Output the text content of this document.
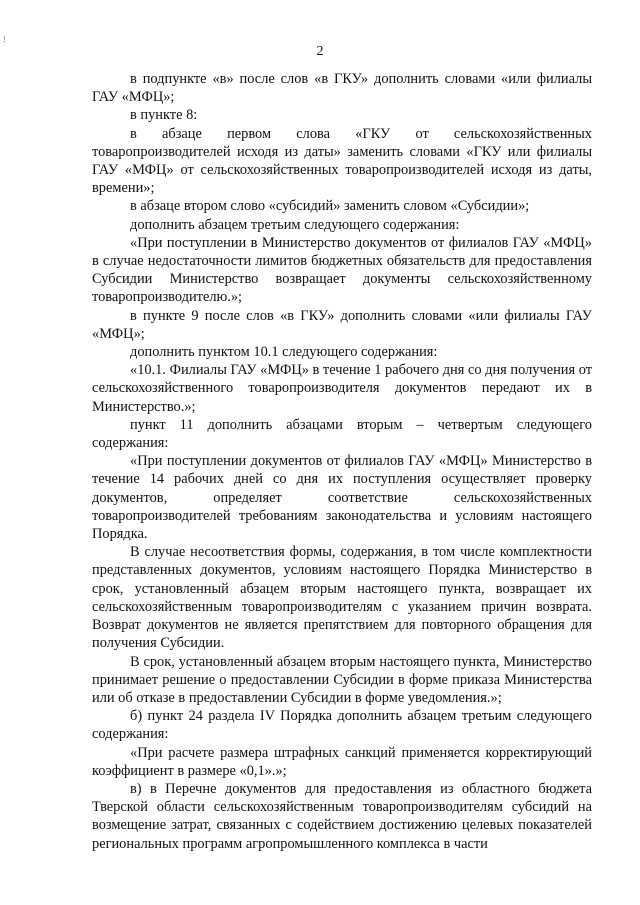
!
2

в подпункте «в» после слов «в ГКУ» дополнить словами «или филиалы ГАУ «МФЦ»;

в пункте 8:

в абзаце первом слова «ГКУ от сельскохозяйственных товаропроизводителей исходя из даты» заменить словами «ГКУ или филиалы ГАУ «МФЦ» от сельскохозяйственных товаропроизводителей исходя из даты, времени»;

в абзаце втором слово «субсидий» заменить словом «Субсидии»;

дополнить абзацем третьим следующего содержания:

«При поступлении в Министерство документов от филиалов ГАУ «МФЦ» в случае недостаточности лимитов бюджетных обязательств для предоставления Субсидии Министерство возвращает документы сельскохозяйственному товаропроизводителю.»;

в пункте 9 после слов «в ГКУ» дополнить словами «или филиалы ГАУ «МФЦ»;

дополнить пунктом 10.1 следующего содержания:

«10.1. Филиалы ГАУ «МФЦ» в течение 1 рабочего дня со дня получения от сельскохозяйственного товаропроизводителя документов передают их в Министерство.»;

пункт 11 дополнить абзацами вторым – четвертым следующего содержания:

«При поступлении документов от филиалов ГАУ «МФЦ» Министерство в течение 14 рабочих дней со дня их поступления осуществляет проверку документов, определяет соответствие сельскохозяйственных товаропроизводителей требованиям законодательства и условиям настоящего Порядка.

В случае несоответствия формы, содержания, в том числе комплектности представленных документов, условиям настоящего Порядка Министерство в срок, установленный абзацем вторым настоящего пункта, возвращает их сельскохозяйственным товаропроизводителям с указанием причин возврата. Возврат документов не является препятствием для повторного обращения для получения Субсидии.

В срок, установленный абзацем вторым настоящего пункта, Министерство принимает решение о предоставлении Субсидии в форме приказа Министерства или об отказе в предоставлении Субсидии в форме уведомления.»;

б) пункт 24 раздела IV Порядка дополнить абзацем третьим следующего содержания:

«При расчете размера штрафных санкций применяется корректирующий коэффициент в размере «0,1».»;

в) в Перечне документов для предоставления из областного бюджета Тверской области сельскохозяйственным товаропроизводителям субсидий на возмещение затрат, связанных с содействием достижению целевых показателей региональных программ агропромышленного комплекса в части
